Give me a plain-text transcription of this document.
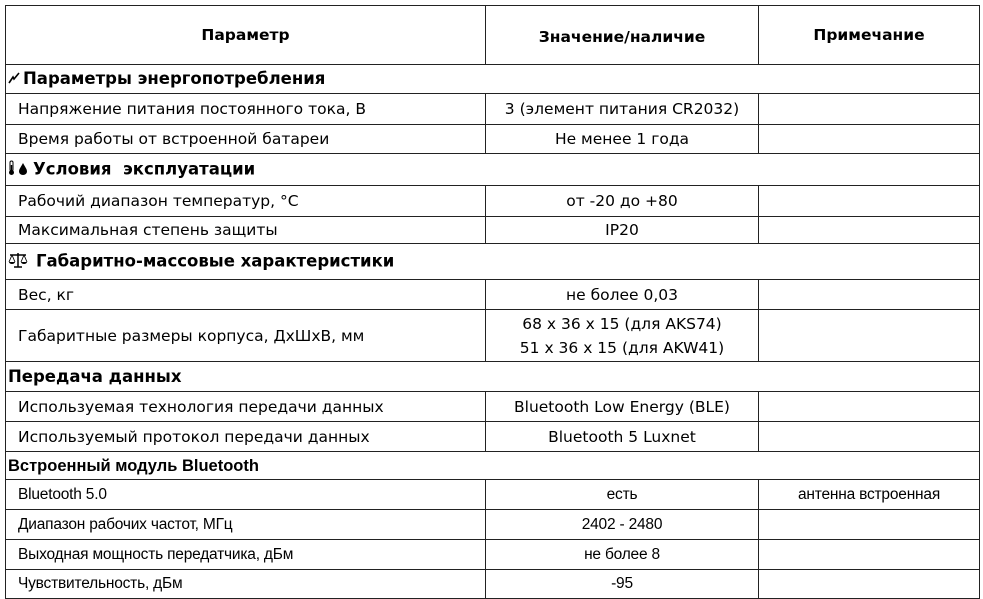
Параметр	Значение/наличие	Примечание
Параметры энергопотребления		
Напряжение питания постоянного тока, В	3 (элемент питания CR2032)	
Время работы от встроенной батареи	Не менее 1 года	
Условия  эксплуатации		
Рабочий диапазон температур, °С	от -20 до +80	
Максимальная степень защиты	IP20	
Габаритно-массовые характеристики		
Вес, кг	не более 0,03	
Габаритные размеры корпуса, ДхШхВ, мм	68 x 36 x 15 (для AKS74)
51 x 36 x 15 (для AKW41)	

Передача данных		
Используемая технология передачи данных	Bluetooth Low Energy (BLE)	
Используемый протокол передачи данных	Bluetooth 5 Luxnet	
Встроенный модуль Bluetooth		
Bluetooth 5.0	есть	антенна встроенная
Диапазон рабочих частот, МГц	2402 - 2480	
Выходная мощность передатчика, дБм	не более 8	
Чувствительность, дБм	-95	
